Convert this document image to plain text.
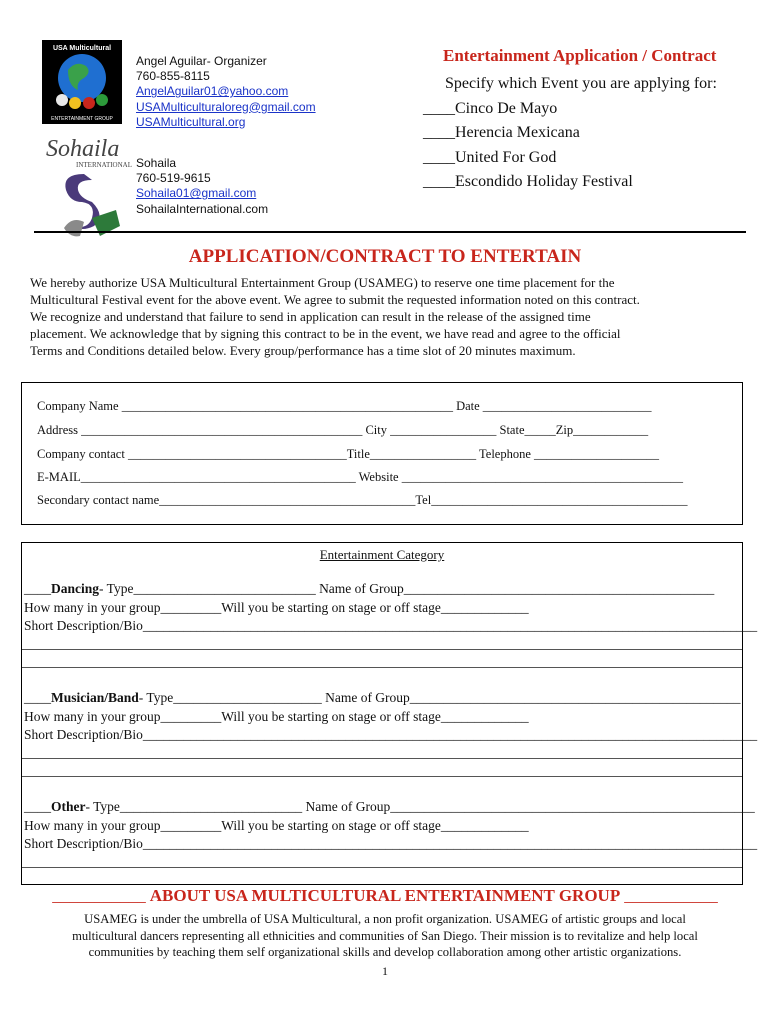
USA Multicultural
ENTERTAINMENT GROUP
Sohaila
INTERNATIONAL
Angel Aguilar- Organizer
760-855-8115
AngelAguilar01@yahoo.com
USAMulticulturaloreg@gmail.com
USAMulticultural.org
Sohaila
760-519-9615
Sohaila01@gmail.com
SohailaInternational.com
Entertainment Application / Contract
Specify which Event you are applying for:
____Cinco De Mayo
____Herencia Mexicana
____United For God
____Escondido Holiday Festival
APPLICATION/CONTRACT TO ENTERTAIN
We hereby authorize USA Multicultural Entertainment Group (USAMEG) to reserve one time placement for the
Multicultural Festival event for the above event. We agree to submit the requested information noted on this contract.
We recognize and understand that failure to send in application can result in the release of the assigned time
placement. We acknowledge that by signing this contract to be in the event, we have read and agree to the official
Terms and Conditions detailed below. Every group/performance has a time slot of 20 minutes maximum.
Company Name _____________________________________________________ Date ___________________________
Address _____________________________________________ City _________________ State_____Zip____________
Company contact ___________________________________Title_________________ Telephone ____________________
E-MAIL____________________________________________ Website _____________________________________________
Secondary contact name_________________________________________Tel_________________________________________
Entertainment Category
____Dancing- Type___________________________ Name of Group______________________________________________
How many in your group_________Will you be starting on stage or off stage_____________
Short Description/Bio___________________________________________________________________________________________
____Musician/Band- Type______________________ Name of Group_________________________________________________
How many in your group_________Will you be starting on stage or off stage_____________
Short Description/Bio___________________________________________________________________________________________
____Other- Type___________________________ Name of Group______________________________________________________
How many in your group_________Will you be starting on stage or off stage_____________
Short Description/Bio___________________________________________________________________________________________
___________ ABOUT USA MULTICULTURAL ENTERTAINMENT GROUP ___________
USAMEG is under the umbrella of USA Multicultural, a non profit organization. USAMEG of artistic groups and local
multicultural dancers representing all ethnicities and communities of San Diego. Their mission is to revitalize and help local
communities by teaching them self organizational skills and develop collaboration among other artistic organizations.
1
